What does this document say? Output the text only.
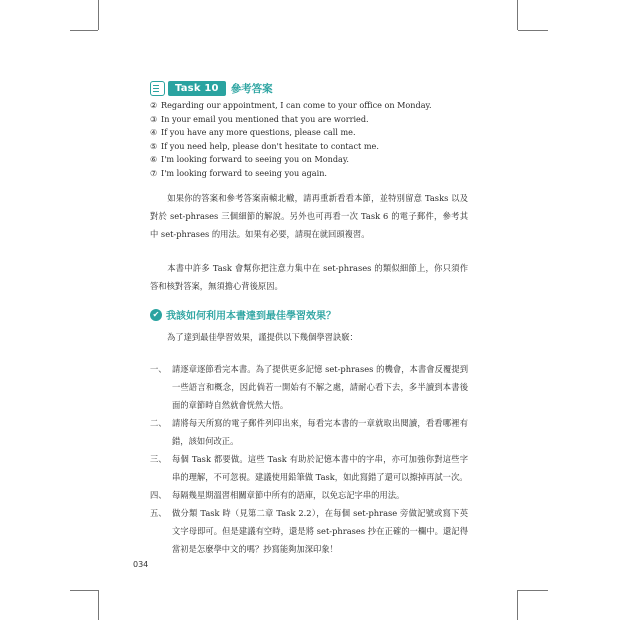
Task 10	參考答案
② Regarding our appointment, I can come to your office on Monday.
③ In your email you mentioned that you are worried.
④ If you have any more questions, please call me.
⑤ If you need help, please don't hesitate to contact me.
⑥ I'm looking forward to seeing you on Monday.
⑦ I'm looking forward to seeing you again.
如果你的答案和參考答案南轅北轍，請再重新看看本節，並特別留意 Tasks 以及對於 set-phrases 三個細節的解說。另外也可再看一次 Task 6 的電子郵件，參考其中 set-phrases 的用法。如果有必要，請現在就回頭複習。
本書中許多 Task 會幫你把注意力集中在 set-phrases 的類似細節上，你只須作答和核對答案，無須擔心背後原因。
✔ 我該如何利用本書達到最佳學習效果？
為了達到最佳學習效果，謹提供以下幾個學習訣竅：
一、 請逐章逐節看完本書。為了提供更多記憶 set-phrases 的機會，本書會反覆提到一些語言和概念，因此倘若一開始有不解之處，請耐心看下去，多半讀到本書後面的章節時自然就會恍然大悟。
二、 請將每天所寫的電子郵件列印出來，每看完本書的一章就取出閱讀，看看哪裡有錯，該如何改正。
三、 每個 Task 都要做。這些 Task 有助於記憶本書中的字串，亦可加強你對這些字串的理解，不可忽視。建議使用鉛筆做 Task，如此寫錯了還可以擦掉再試一次。
四、 每隔幾星期溫習相關章節中所有的語庫，以免忘記字串的用法。
五、 做分類 Task 時（見第二章 Task 2.2），在每個 set-phrase 旁做記號或寫下英文字母即可。但是建議有空時，還是將 set-phrases 抄在正確的一欄中。還記得當初是怎麼學中文的嗎？抄寫能夠加深印象！
034
